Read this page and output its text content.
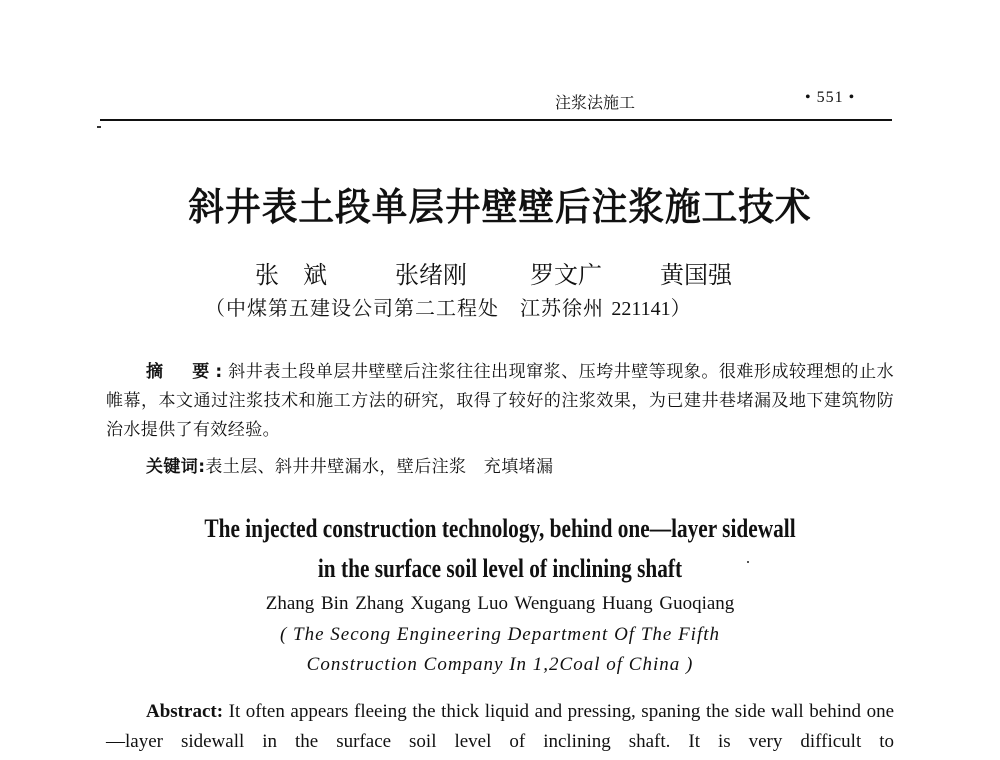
注浆法施工	• 551 •
斜井表土段单层井壁壁后注浆施工技术
张　斌	张绪刚	罗文广 黄国强
（中煤第五建设公司第二工程处　江苏徐州 221141）
摘　要:斜井表土段单层井壁壁后注浆往往出现窜浆、压垮井壁等现象。很难形成较理想的止水帷幕，本文通过注浆技术和施工方法的研究，取得了较好的注浆效果，为已建井巷堵漏及地下建筑物防治水提供了有效经验。
关键词:表土层、斜井井壁漏水，壁后注浆　充填堵漏
The injected construction technology, behind one—layer sidewall
in the surface soil level of inclining shaft
Zhang Bin Zhang Xugang Luo Wenguang Huang Guoqiang
( The Secong Engineering Department Of The Fifth
Construction Company In 1,2Coal of China )
Abstract: It often appears fleeing the thick liquid and pressing, spaning the side wall behind one—layer sidewall in the surface soil level of inclining shaft. It is very difficult to
